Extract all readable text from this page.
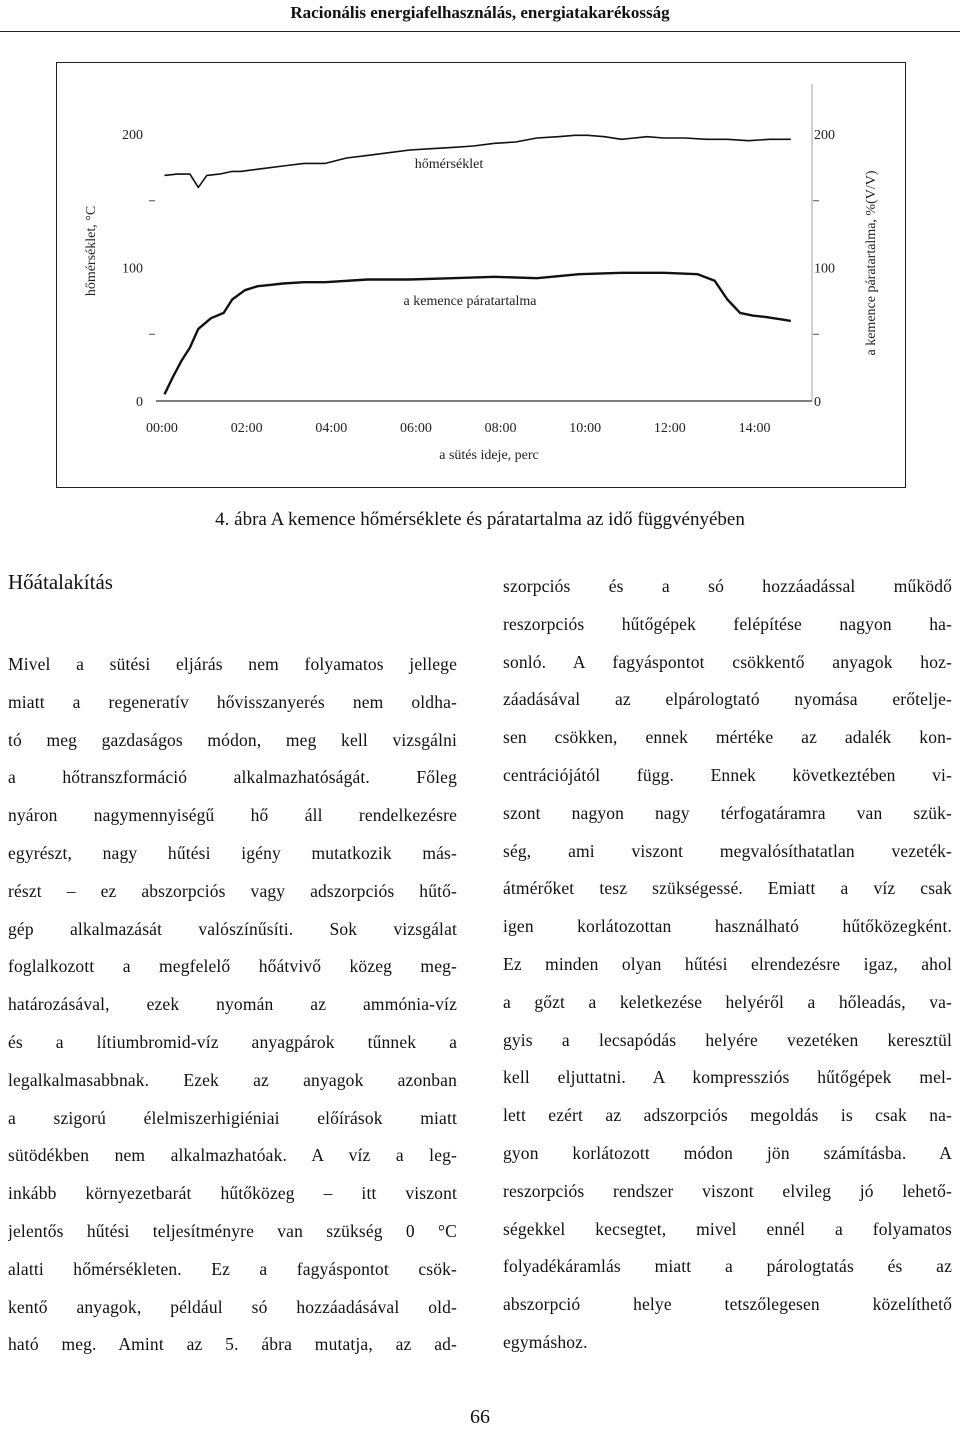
Racionális energiafelhasználás, energiatakarékosság
0
100
200
0
100
200
00:00	02:00	04:00	06:00	08:00	10:00	12:00	14:00
a sütés ideje, perc
hőmérséklet, °C	a kemence páratartalma, %(V/V)
hőmérséklet
a kemence páratartalma
4. ábra A kemence hőmérséklete és páratartalma az idő függvényében
Hőátalakítás
Mivel a sütési eljárás nem folyamatos jellege
miatt a regeneratív hővisszanyerés nem oldha-
tó meg gazdaságos módon, meg kell vizsgálni
a hőtranszformáció alkalmazhatóságát. Főleg
nyáron nagymennyiségű hő áll rendelkezésre
egyrészt, nagy hűtési igény mutatkozik más-
részt – ez abszorpciós vagy adszorpciós hűtő-
gép alkalmazását valószínűsíti. Sok vizsgálat
foglalkozott a megfelelő hőátvivő közeg meg-
határozásával, ezek nyomán az ammónia-víz
és a lítiumbromid-víz anyagpárok tűnnek a
legalkalmasabbnak. Ezek az anyagok azonban
a szigorú élelmiszerhigiéniai előírások miatt
sütödékben nem alkalmazhatóak. A víz a leg-
inkább környezetbarát hűtőközeg – itt viszont
jelentős hűtési teljesítményre van szükség 0 °C
alatti hőmérsékleten. Ez a fagyáspontot csök-
kentő anyagok, például só hozzáadásával old-
ható meg. Amint az 5. ábra mutatja, az ad-
szorpciós és a só hozzáadással működő
reszorpciós hűtőgépek felépítése nagyon ha-
sonló. A fagyáspontot csökkentő anyagok hoz-
záadásával az elpárologtató nyomása erőtelje-
sen csökken, ennek mértéke az adalék kon-
centrációjától függ. Ennek következtében vi-
szont nagyon nagy térfogatáramra van szük-
ség, ami viszont megvalósíthatatlan vezeték-
átmérőket tesz szükségessé. Emiatt a víz csak
igen korlátozottan használható hűtőközegként.
Ez minden olyan hűtési elrendezésre igaz, ahol
a gőzt a keletkezése helyéről a hőleadás, va-
gyis a lecsapódás helyére vezetéken keresztül
kell eljuttatni. A kompressziós hűtőgépek mel-
lett ezért az adszorpciós megoldás is csak na-
gyon korlátozott módon jön számításba. A
reszorpciós rendszer viszont elvileg jó lehető-
ségekkel kecsegtet, mivel ennél a folyamatos
folyadékáramlás miatt a párologtatás és az
abszorpció helye tetszőlegesen közelíthető
egymáshoz.
66
